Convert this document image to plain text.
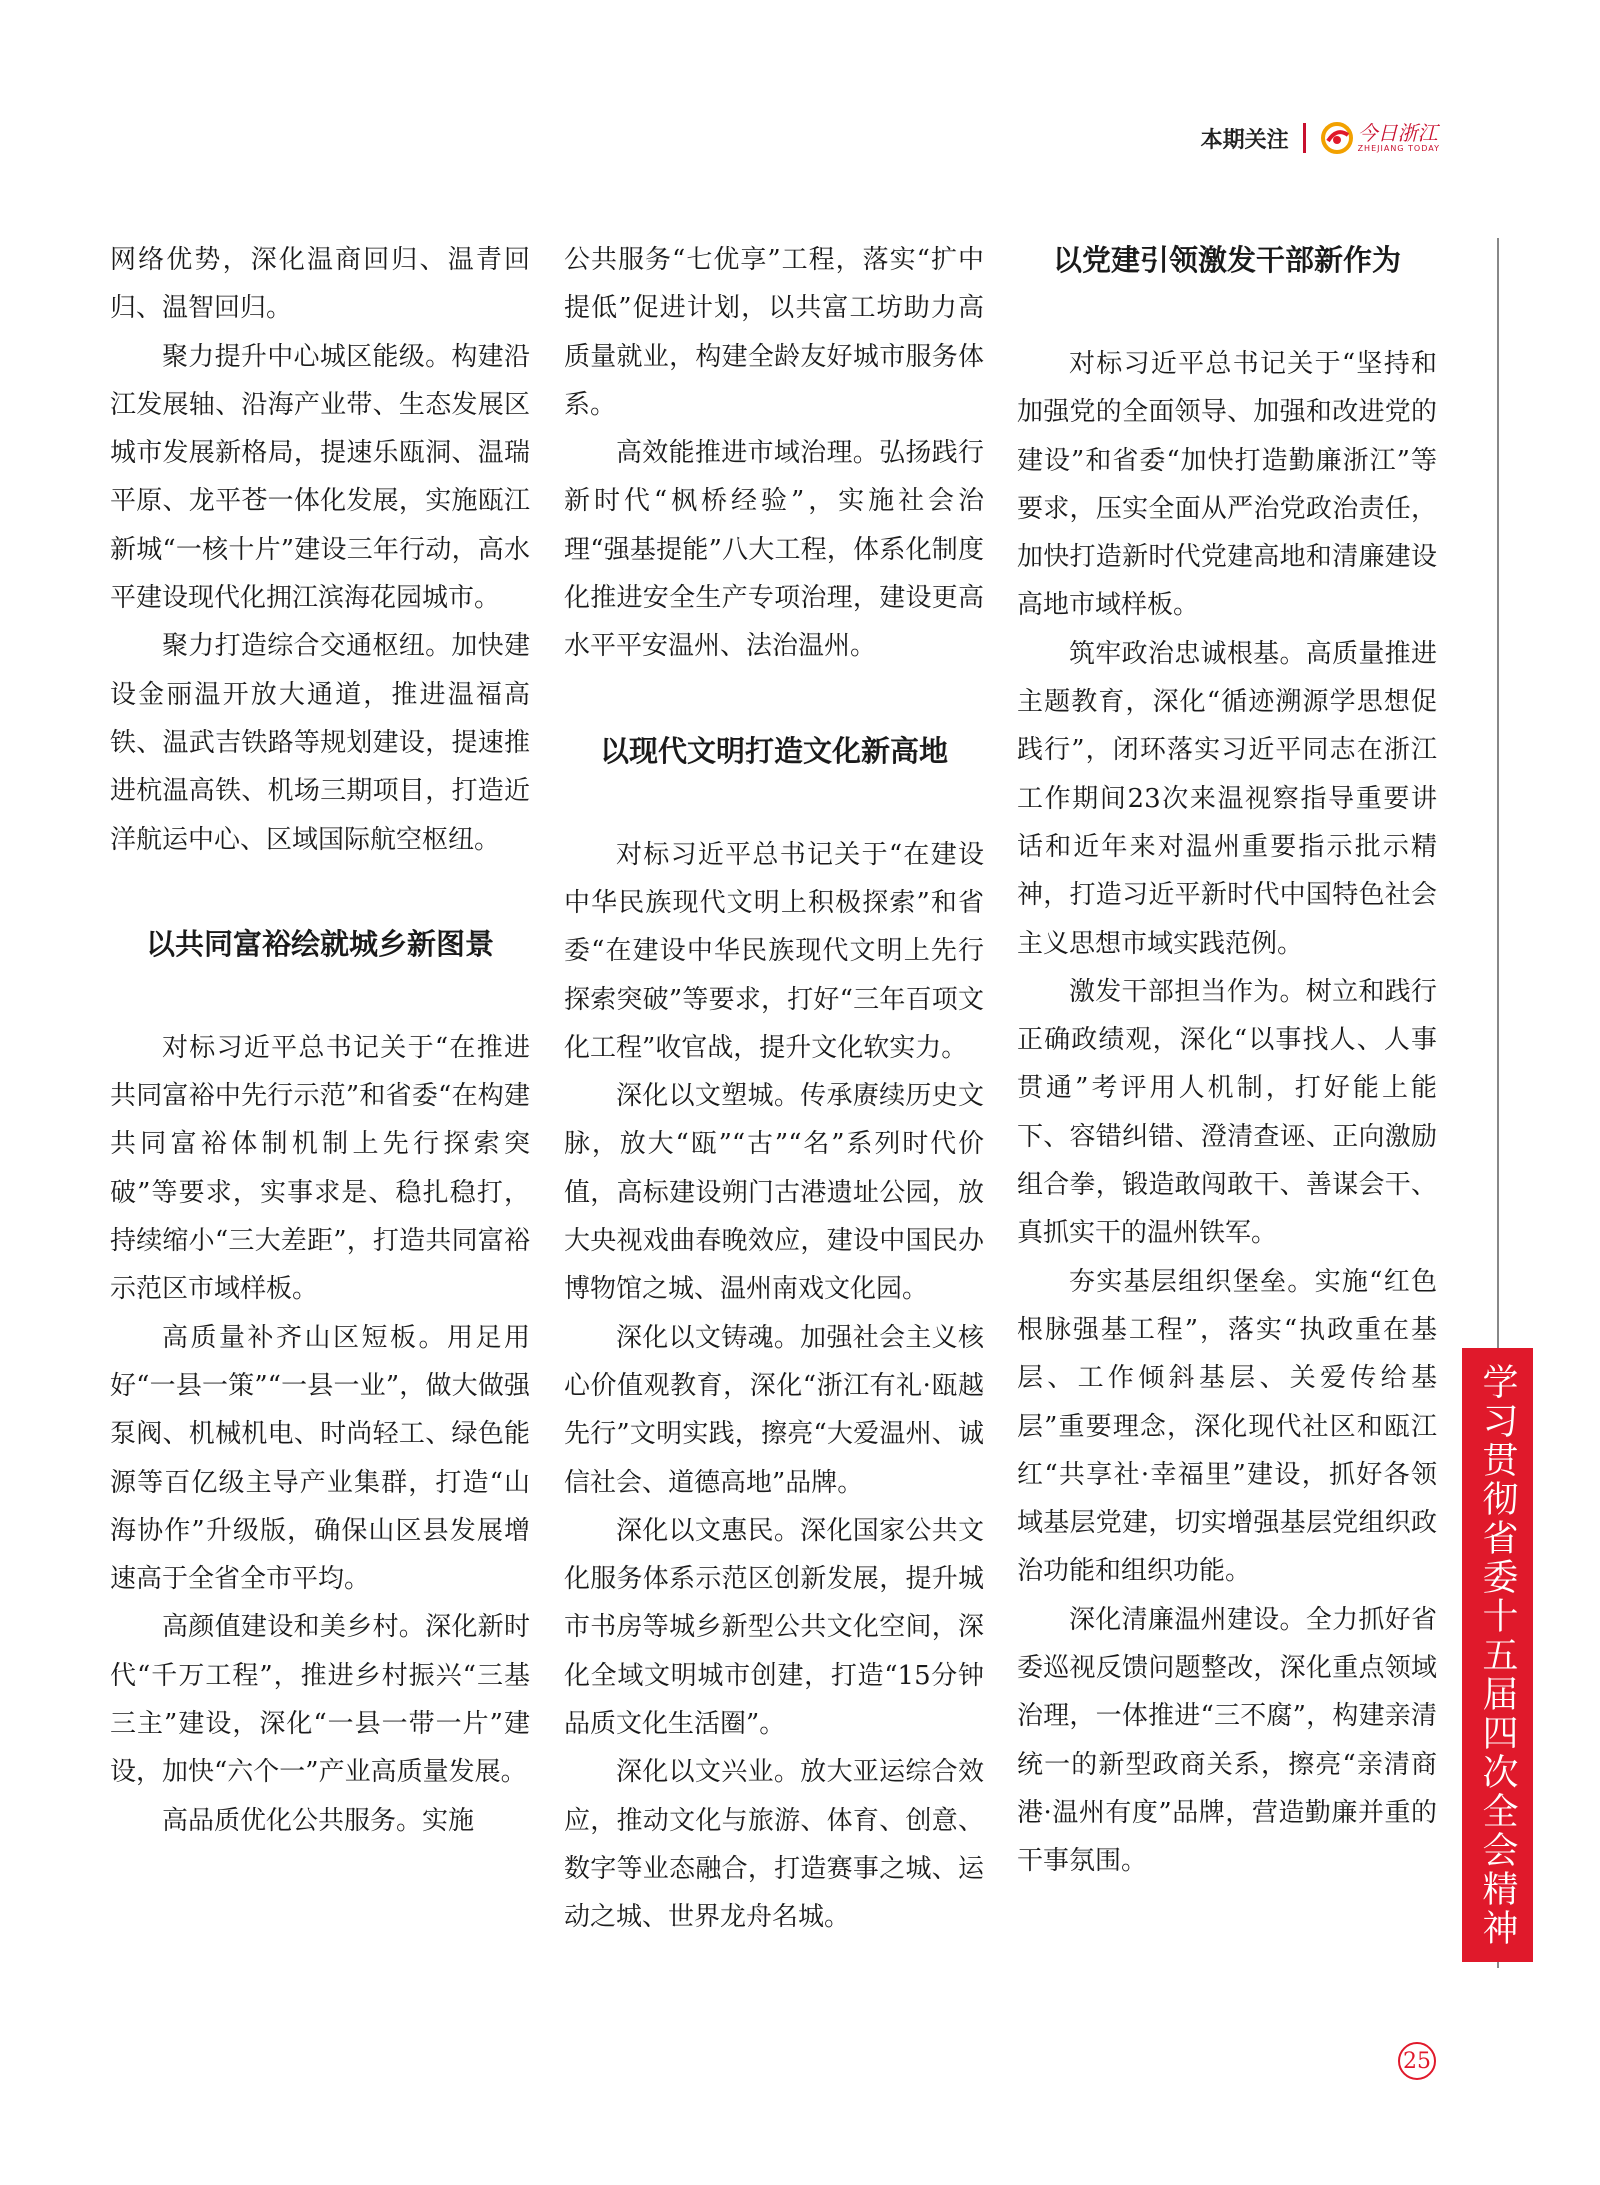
本期关注	今日浙江
ZHEJIANG TODAY

网络优势，深化温商回归、温青回归、温智回归。

聚力提升中心城区能级。构建沿江发展轴、沿海产业带、生态发展区城市发展新格局，提速乐瓯洞、温瑞平原、龙平苍一体化发展，实施瓯江新城“一核十片”建设三年行动，高水平建设现代化拥江滨海花园城市。

聚力打造综合交通枢纽。加快建设金丽温开放大通道，推进温福高铁、温武吉铁路等规划建设，提速推进杭温高铁、机场三期项目，打造近洋航运中心、区域国际航空枢纽。

以共同富裕绘就城乡新图景

对标习近平总书记关于“在推进共同富裕中先行示范”和省委“在构建共同富裕体制机制上先行探索突破”等要求，实事求是、稳扎稳打，持续缩小“三大差距”，打造共同富裕示范区市域样板。

高质量补齐山区短板。用足用好“一县一策”“一县一业”，做大做强泵阀、机械机电、时尚轻工、绿色能源等百亿级主导产业集群，打造“山海协作”升级版，确保山区县发展增速高于全省全市平均。

高颜值建设和美乡村。深化新时代“千万工程”，推进乡村振兴“三基三主”建设，深化“一县一带一片”建设，加快“六个一”产业高质量发展。

高品质优化公共服务。实施

公共服务“七优享”工程，落实“扩中提低”促进计划，以共富工坊助力高质量就业，构建全龄友好城市服务体系。

高效能推进市域治理。弘扬践行新时代“枫桥经验”，实施社会治理“强基提能”八大工程，体系化制度化推进安全生产专项治理，建设更高水平平安温州、法治温州。

以现代文明打造文化新高地

对标习近平总书记关于“在建设中华民族现代文明上积极探索”和省委“在建设中华民族现代文明上先行探索突破”等要求，打好“三年百项文化工程”收官战，提升文化软实力。

深化以文塑城。传承赓续历史文脉，放大“瓯”“古”“名”系列时代价值，高标建设朔门古港遗址公园，放大央视戏曲春晚效应，建设中国民办博物馆之城、温州南戏文化园。

深化以文铸魂。加强社会主义核心价值观教育，深化“浙江有礼·瓯越先行”文明实践，擦亮“大爱温州、诚信社会、道德高地”品牌。

深化以文惠民。深化国家公共文化服务体系示范区创新发展，提升城市书房等城乡新型公共文化空间，深化全域文明城市创建，打造“15分钟品质文化生活圈”。

深化以文兴业。放大亚运综合效应，推动文化与旅游、体育、创意、数字等业态融合，打造赛事之城、运动之城、世界龙舟名城。

以党建引领激发干部新作为

对标习近平总书记关于“坚持和加强党的全面领导、加强和改进党的建设”和省委“加快打造勤廉浙江”等要求，压实全面从严治党政治责任，加快打造新时代党建高地和清廉建设高地市域样板。

筑牢政治忠诚根基。高质量推进主题教育，深化“循迹溯源学思想促践行”，闭环落实习近平同志在浙江工作期间23次来温视察指导重要讲话和近年来对温州重要指示批示精神，打造习近平新时代中国特色社会主义思想市域实践范例。

激发干部担当作为。树立和践行正确政绩观，深化“以事找人、人事贯通”考评用人机制，打好能上能下、容错纠错、澄清查诬、正向激励组合拳，锻造敢闯敢干、善谋会干、真抓实干的温州铁军。

夯实基层组织堡垒。实施“红色根脉强基工程”，落实“执政重在基层、工作倾斜基层、关爱传给基层”重要理念，深化现代社区和瓯江红“共享社·幸福里”建设，抓好各领域基层党建，切实增强基层党组织政治功能和组织功能。

深化清廉温州建设。全力抓好省委巡视反馈问题整改，深化重点领域治理，一体推进“三不腐”，构建亲清统一的新型政商关系，擦亮“亲清商港·温州有度”品牌，营造勤廉并重的干事氛围。	学习贯彻省委十五届四次全会精神
25
